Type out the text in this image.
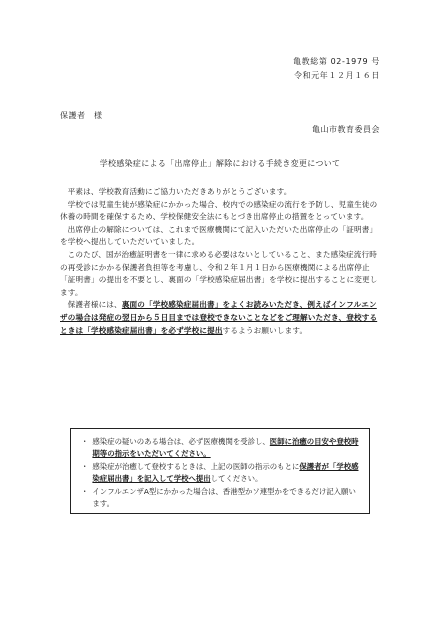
亀教総第 02-1979 号
令和元年１２月１６日
保護者　様
亀山市教育委員会
学校感染症による「出席停止」解除における手続き変更について

平素は、学校教育活動にご協力いただきありがとうございます。

学校では児童生徒が感染症にかかった場合、校内での感染症の流行を予防し、児童生徒の休養の時間を確保するため、学校保健安全法にもとづき出席停止の措置をとっています。

出席停止の解除については、これまで医療機関にて記入いただいた出席停止の「証明書」を学校へ提出していただいていました。

このたび、国が治癒証明書を一律に求める必要はないとしていること、また感染症流行時の再受診にかかる保護者負担等を考慮し、令和２年１月１日から医療機関による出席停止「証明書」の提出を不要とし、裏面の「学校感染症届出書」を学校に提出することに変更します。

保護者様には、裏面の「学校感染症届出書」をよくお読みいただき、例えばインフルエンザの場合は発症の翌日から５日目までは登校できないことなどをご理解いただき、登校するときは「学校感染症届出書」を必ず学校に提出するようお願いします。

・ 感染症の疑いのある場合は、必ず医療機関を受診し、医師に治癒の目安や登校時期等の指示をいただいてください。
・ 感染症が治癒して登校するときは、上記の医師の指示のもとに保護者が「学校感染症届出書」を記入して学校へ提出してください。
・ インフルエンザA型にかかった場合は、香港型かソ連型かをできるだけ記入願います。
